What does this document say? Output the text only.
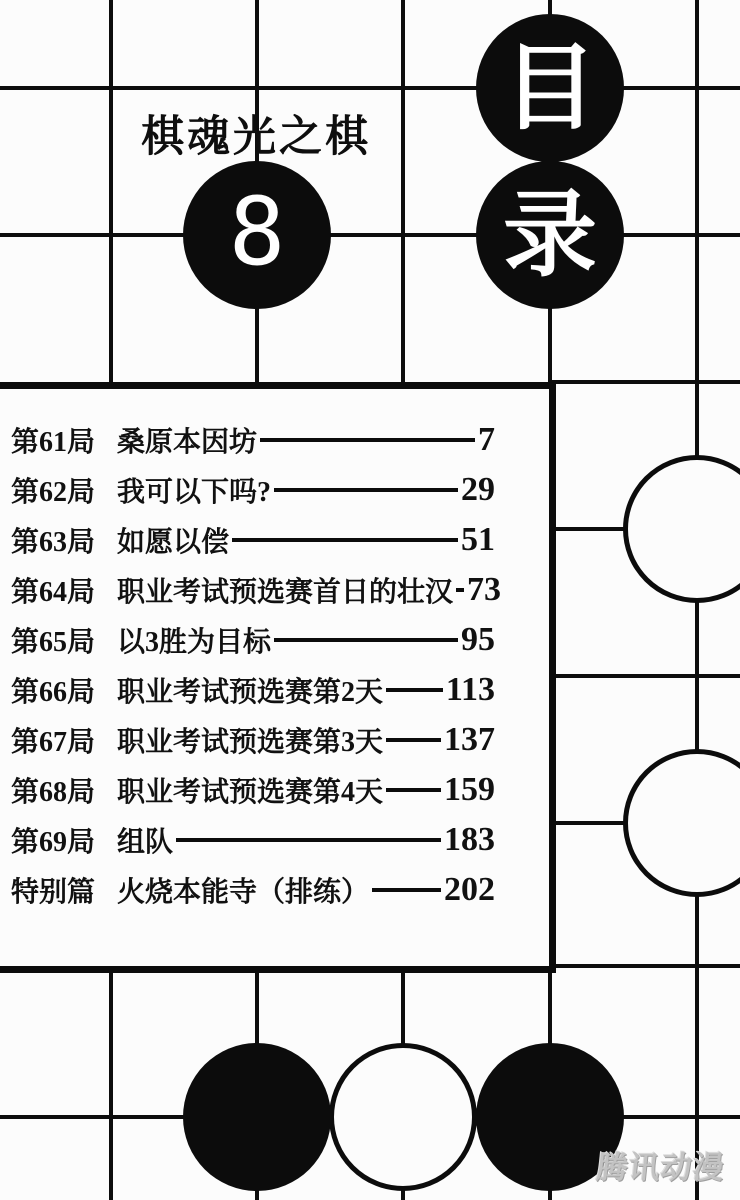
棋魂光之棋
8
目
录
第61局 桑原本因坊	7
第62局 我可以下吗?	29
第63局 如愿以偿	51
第64局 职业考试预选赛首日的壮汉 73
第65局 以3胜为目标	95
第66局 职业考试预选赛第2天 113
第67局 职业考试预选赛第3天 137
第68局 职业考试预选赛第4天 159
第69局 组队	183
特别篇 火烧本能寺（排练） 202
腾讯动漫
